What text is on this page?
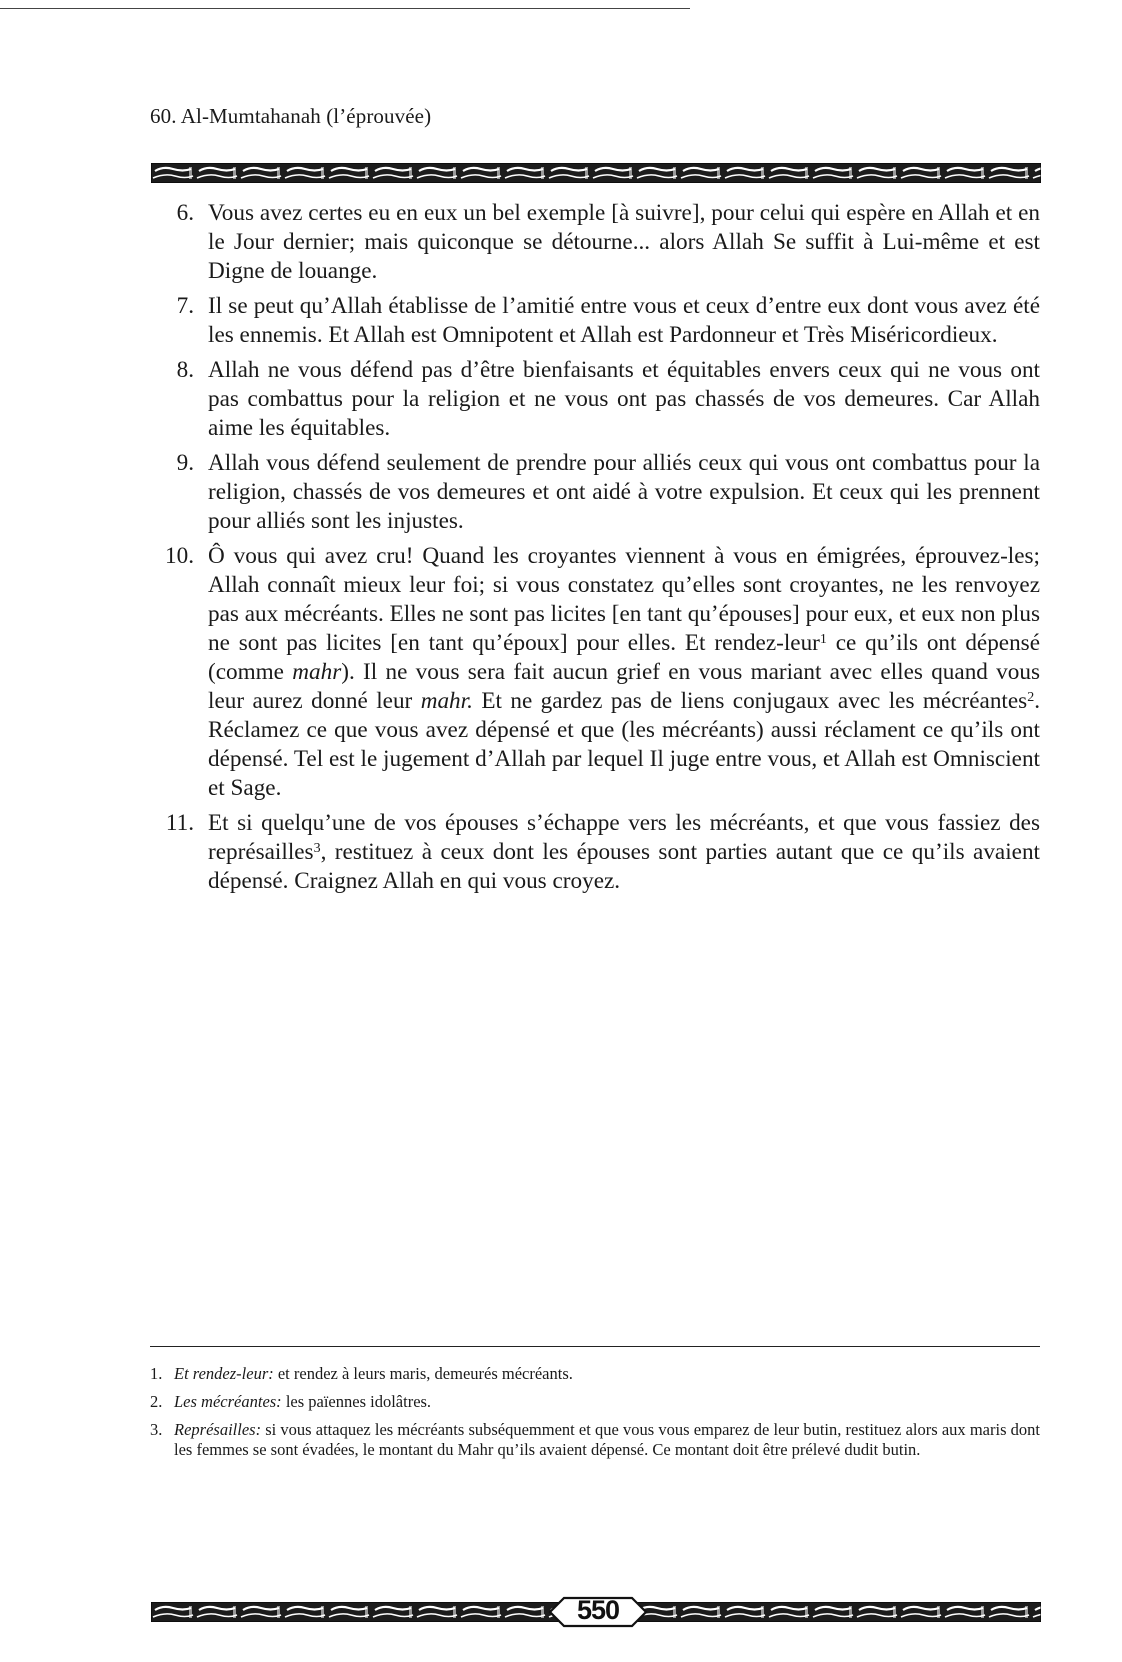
60. Al-Mumtahanah (l’éprouvée)
6. Vous avez certes eu en eux un bel exemple [à suivre], pour celui qui espère en Allah et en le Jour dernier; mais quiconque se détourne... alors Allah Se suffit à Lui-même et est Digne de louange.
7. Il se peut qu’Allah établisse de l’amitié entre vous et ceux d’entre eux dont vous avez été les ennemis. Et Allah est Omnipotent et Allah est Pardonneur et Très Miséricordieux.
8. Allah ne vous défend pas d’être bienfaisants et équitables envers ceux qui ne vous ont pas combattus pour la religion et ne vous ont pas chassés de vos demeures. Car Allah aime les équitables.
9. Allah vous défend seulement de prendre pour alliés ceux qui vous ont combattus pour la religion, chassés de vos demeures et ont aidé à votre expulsion. Et ceux qui les prennent pour alliés sont les injustes.
10. Ô vous qui avez cru! Quand les croyantes viennent à vous en émigrées, éprouvez-les; Allah connaît mieux leur foi; si vous constatez qu’elles sont croyantes, ne les renvoyez pas aux mécréants. Elles ne sont pas licites [en tant qu’épouses] pour eux, et eux non plus ne sont pas licites [en tant qu’époux] pour elles. Et rendez-leur$^1$ ce qu’ils ont dépensé (comme mahr). Il ne vous sera fait aucun grief en vous mariant avec elles quand vous leur aurez donné leur mahr. Et ne gardez pas de liens conjugaux avec les mécréantes$^2$. Réclamez ce que vous avez dépensé et que (les mécréants) aussi réclament ce qu’ils ont dépensé. Tel est le jugement d’Allah par lequel Il juge entre vous, et Allah est Omniscient et Sage.
11. Et si quelqu’une de vos épouses s’échappe vers les mécréants, et que vous fassiez des représailles$^3$, restituez à ceux dont les épouses sont parties autant que ce qu’ils avaient dépensé. Craignez Allah en qui vous croyez.
1. Et rendez-leur: et rendez à leurs maris, demeurés mécréants.
2. Les mécréantes: les païennes idolâtres.
3. Représailles: si vous attaquez les mécréants subséquemment et que vous vous emparez de leur butin, restituez alors aux maris dont les femmes se sont évadées, le montant du Mahr qu’ils avaient dépensé. Ce montant doit être prélevé dudit butin.
550
